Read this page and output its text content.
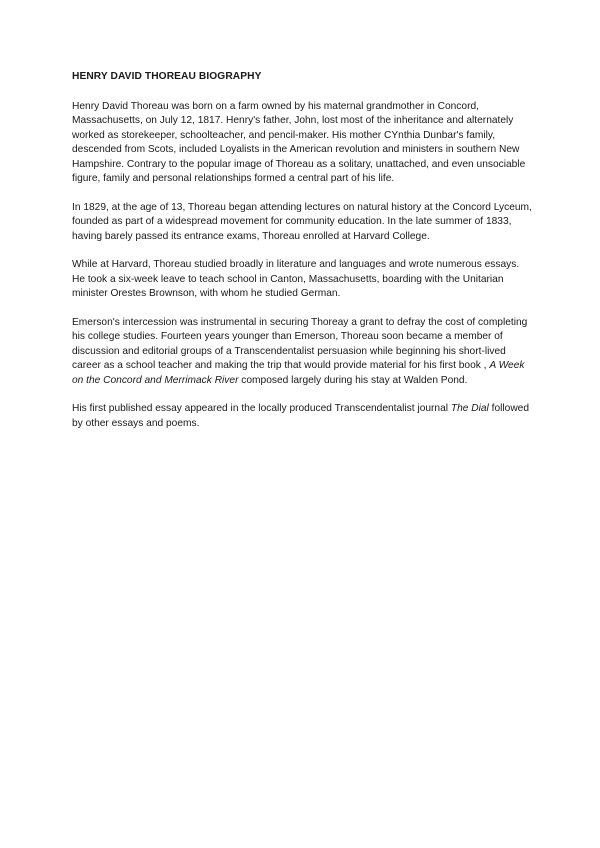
HENRY DAVID THOREAU BIOGRAPHY

Henry David Thoreau was born on a farm owned by his maternal grandmother in Concord, Massachusetts, on July 12, 1817. Henry's father, John, lost most of the inheritance and alternately worked as storekeeper, schoolteacher, and pencil-maker. His mother CYnthia Dunbar's family, descended from Scots, included Loyalists in the American revolution and ministers in southern New Hampshire. Contrary to the popular image of Thoreau as a solitary, unattached, and even unsociable figure, family and personal relationships formed a central part of his life.

In 1829, at the age of 13, Thoreau began attending lectures on natural history at the Concord Lyceum, founded as part of a widespread movement for community education. In the late summer of 1833, having barely passed its entrance exams, Thoreau enrolled at Harvard College.

While at Harvard, Thoreau studied broadly in literature and languages and wrote numerous essays. He took a six-week leave to teach school in Canton, Massachusetts, boarding with the Unitarian minister Orestes Brownson, with whom he studied German.

Emerson's intercession was instrumental in securing Thoreay a grant to defray the cost of completing his college studies. Fourteen years younger than Emerson, Thoreau soon became a member of discussion and editorial groups of a Transcendentalist persuasion while beginning his short-lived career as a school teacher and making the trip that would provide material for his first book , A Week on the Concord and Merrimack River composed largely during his stay at Walden Pond.

His first published essay appeared in the locally produced Transcendentalist journal The Dial followed by other essays and poems.
